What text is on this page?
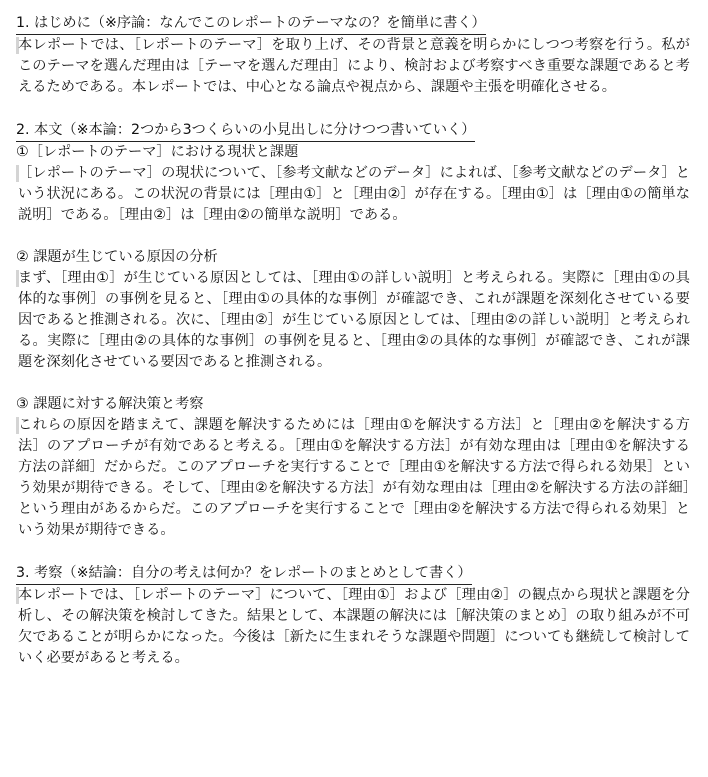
1. はじめに（※序論：なんでこのレポートのテーマなの？を簡単に書く）

本レポートでは、［レポートのテーマ］を取り上げ、その背景と意義を明らかにしつつ考察を行う。私がこのテーマを選んだ理由は［テーマを選んだ理由］により、検討および考察すべき重要な課題であると考えるためである。本レポートでは、中心となる論点や視点から、課題や主張を明確化させる。

2. 本文（※本論：2つから3つくらいの小見出しに分けつつ書いていく）

①［レポートのテーマ］における現状と課題

［レポートのテーマ］の現状について、［参考文献などのデータ］によれば、［参考文献などのデータ］という状況にある。この状況の背景には［理由①］と［理由②］が存在する。［理由①］は［理由①の簡単な説明］である。［理由②］は［理由②の簡単な説明］である。

② 課題が生じている原因の分析

まず、［理由①］が生じている原因としては、［理由①の詳しい説明］と考えられる。実際に［理由①の具体的な事例］の事例を見ると、［理由①の具体的な事例］が確認でき、これが課題を深刻化させている要因であると推測される。次に、［理由②］が生じている原因としては、［理由②の詳しい説明］と考えられる。実際に［理由②の具体的な事例］の事例を見ると、［理由②の具体的な事例］が確認でき、これが課題を深刻化させている要因であると推測される。

③ 課題に対する解決策と考察

これらの原因を踏まえて、課題を解決するためには［理由①を解決する方法］と［理由②を解決する方法］のアプローチが有効であると考える。［理由①を解決する方法］が有効な理由は［理由①を解決する方法の詳細］だからだ。このアプローチを実行することで［理由①を解決する方法で得られる効果］という効果が期待できる。そして、［理由②を解決する方法］が有効な理由は［理由②を解決する方法の詳細］という理由があるからだ。このアプローチを実行することで［理由②を解決する方法で得られる効果］という効果が期待できる。

3. 考察（※結論：自分の考えは何か？をレポートのまとめとして書く）

本レポートでは、［レポートのテーマ］について、［理由①］および［理由②］の観点から現状と課題を分析し、その解決策を検討してきた。結果として、本課題の解決には［解決策のまとめ］の取り組みが不可欠であることが明らかになった。今後は［新たに生まれそうな課題や問題］についても継続して検討していく必要があると考える。
